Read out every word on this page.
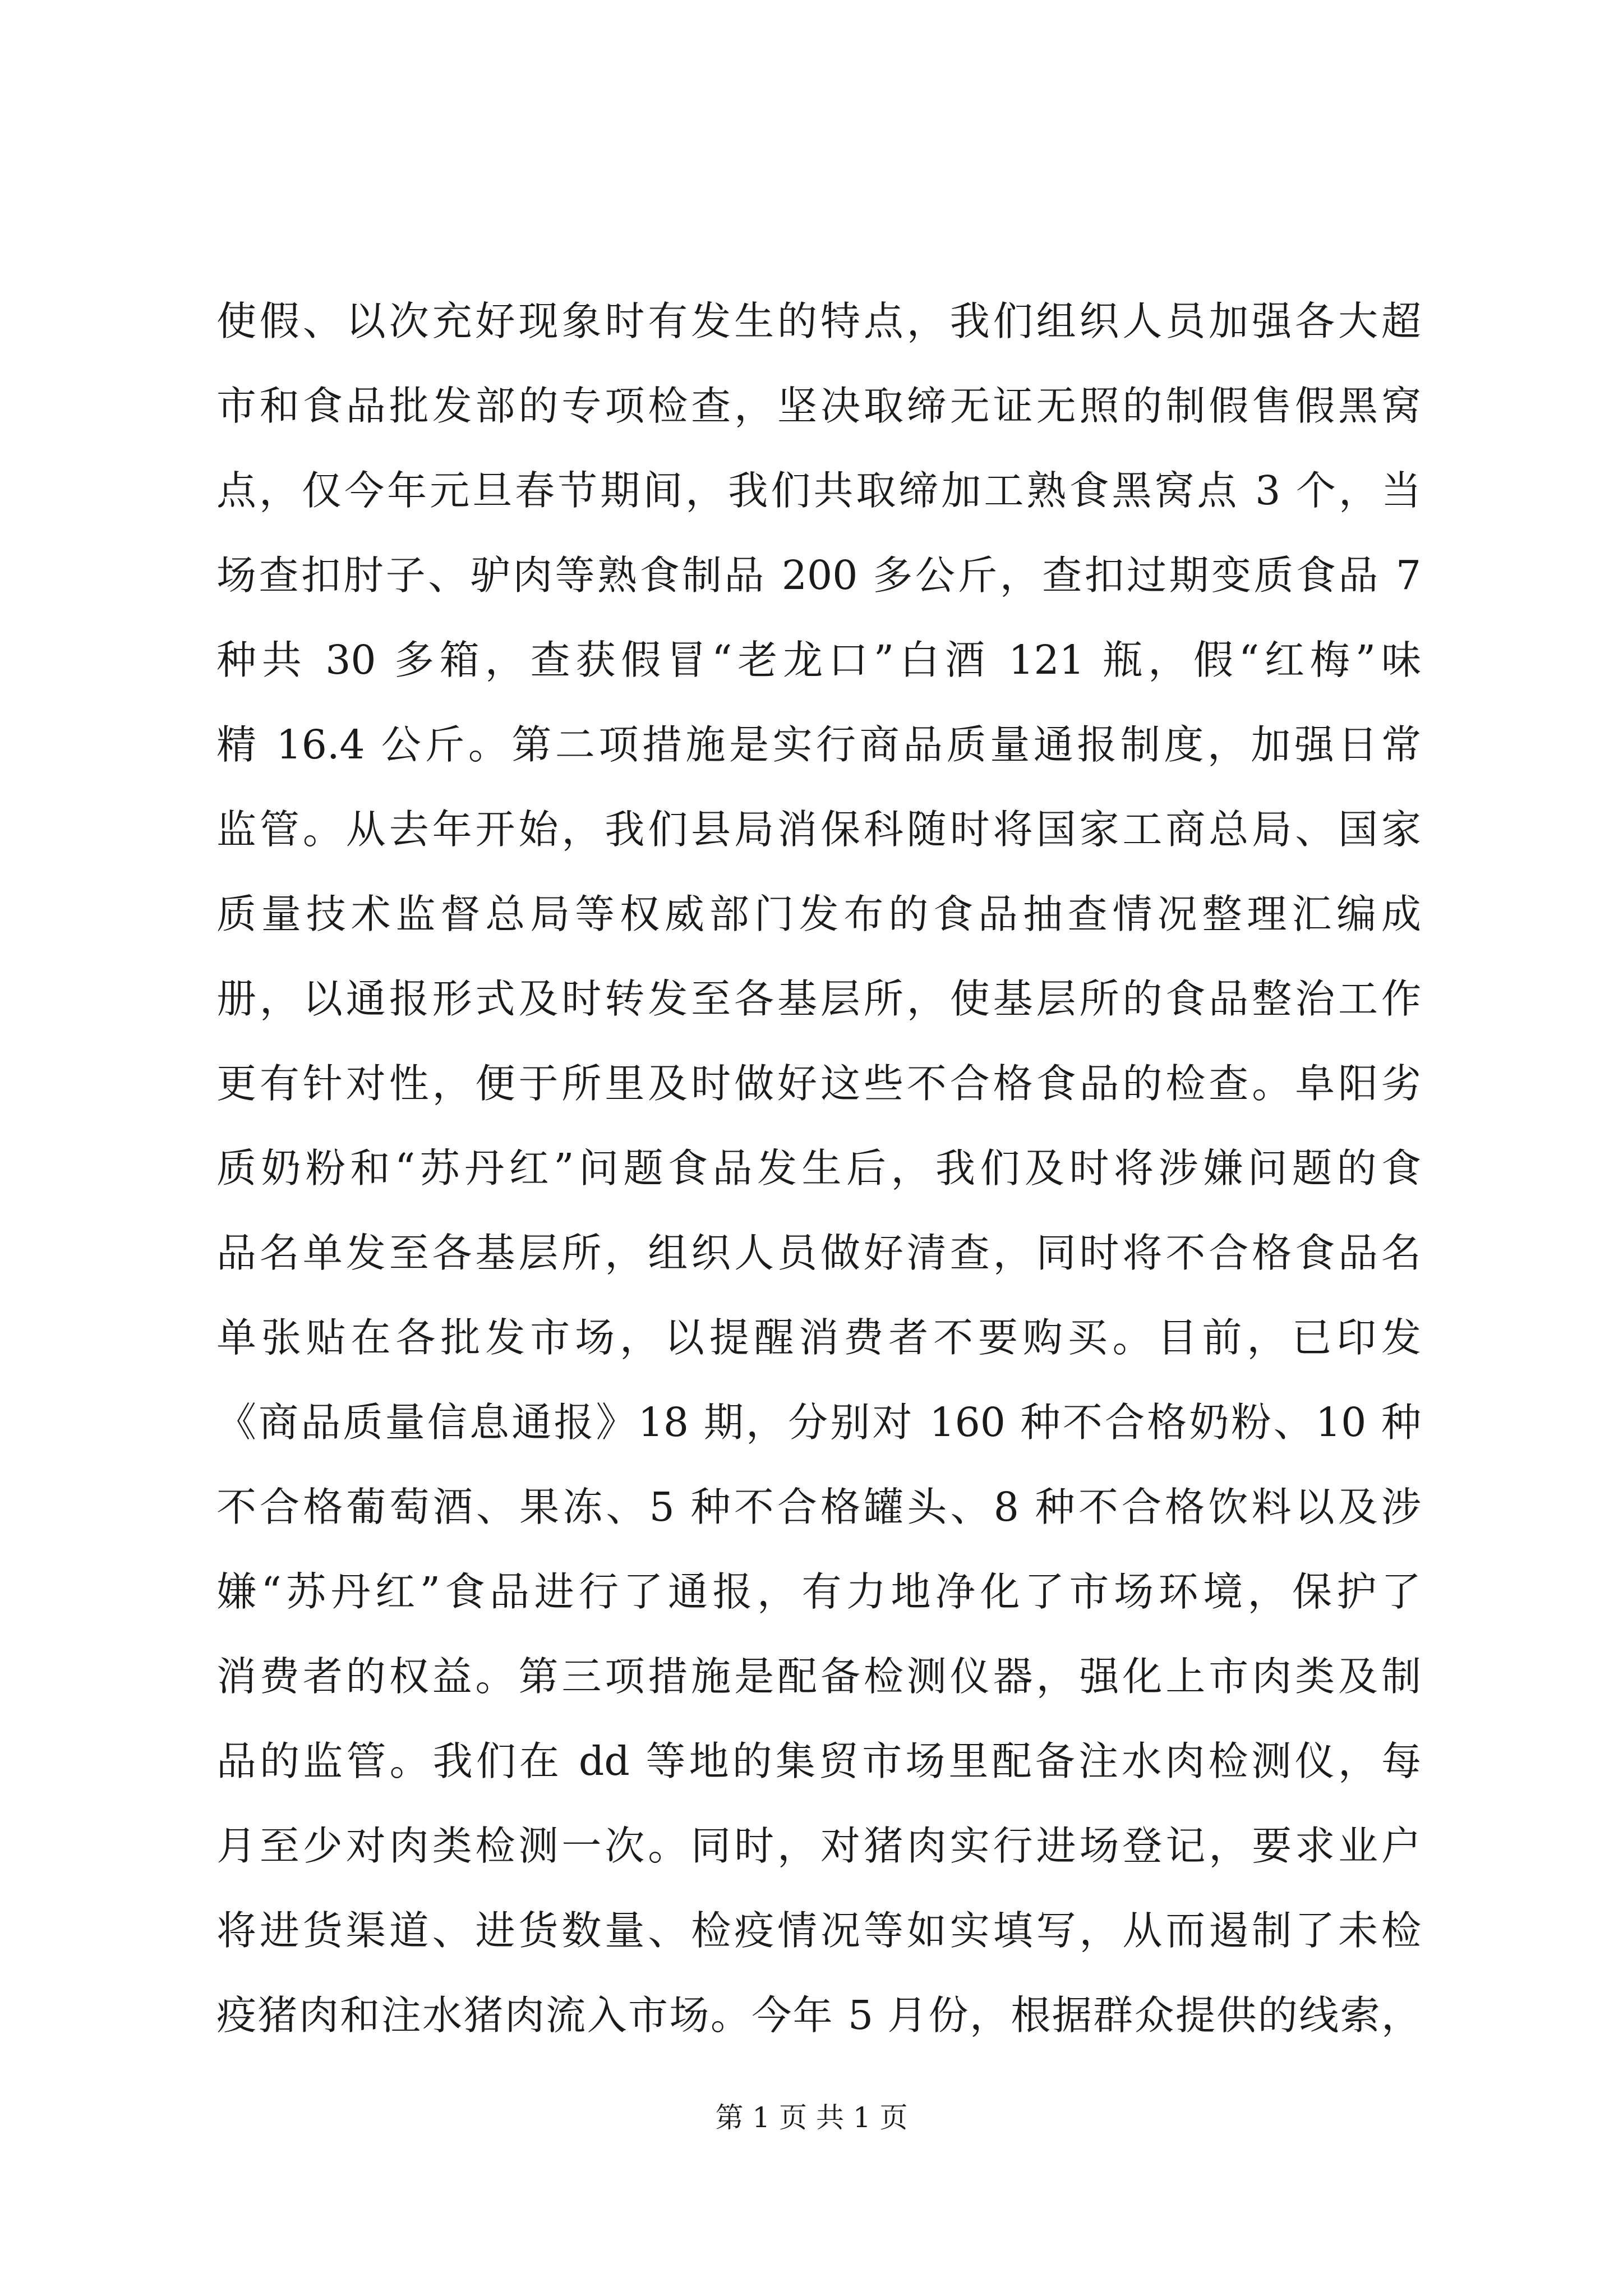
使假、以次充好现象时有发生的特点，我们组织人员加强各大超
市和食品批发部的专项检查，坚决取缔无证无照的制假售假黑窝
点，仅今年元旦春节期间，我们共取缔加工熟食黑窝点 3 个，当
场查扣肘子、驴肉等熟食制品 200 多公斤，查扣过期变质食品 7
种共 30 多箱，查获假冒“老龙口”白酒 121 瓶，假“红梅”味
精 16.4 公斤。第二项措施是实行商品质量通报制度，加强日常
监管。从去年开始，我们县局消保科随时将国家工商总局、国家
质量技术监督总局等权威部门发布的食品抽查情况整理汇编成
册，以通报形式及时转发至各基层所，使基层所的食品整治工作
更有针对性，便于所里及时做好这些不合格食品的检查。阜阳劣
质奶粉和“苏丹红”问题食品发生后，我们及时将涉嫌问题的食
品名单发至各基层所，组织人员做好清查，同时将不合格食品名
单张贴在各批发市场，以提醒消费者不要购买。目前，已印发
《商品质量信息通报》18 期，分别对 160 种不合格奶粉、10 种
不合格葡萄酒、果冻、5 种不合格罐头、8 种不合格饮料以及涉
嫌“苏丹红”食品进行了通报，有力地净化了市场环境，保护了
消费者的权益。第三项措施是配备检测仪器，强化上市肉类及制
品的监管。我们在 dd 等地的集贸市场里配备注水肉检测仪，每
月至少对肉类检测一次。同时，对猪肉实行进场登记，要求业户
将进货渠道、进货数量、检疫情况等如实填写，从而遏制了未检
疫猪肉和注水猪肉流入市场。今年 5 月份，根据群众提供的线索，
第 1 页 共 1 页
